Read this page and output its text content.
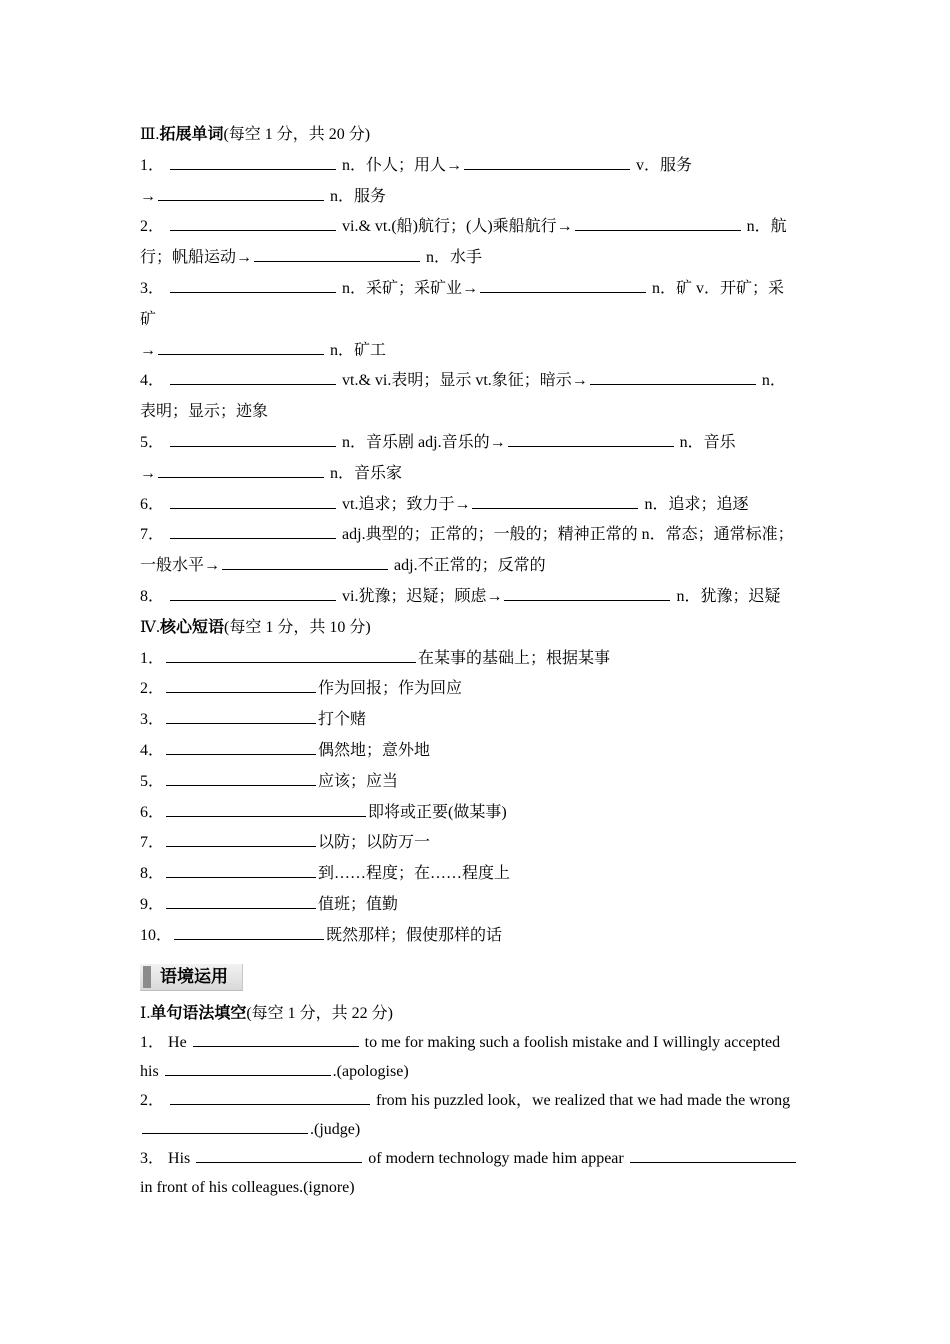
Ⅲ.拓展单词(每空 1 分，共 20 分)
1．	n．仆人；用人→	v．服务
→	n．服务
2．	vi.& vt.(船)航行；(人)乘船航行→	n．航
行；帆船运动→	n．水手
3．	n．采矿；采矿业→	n．矿 v．开矿；采
矿
→	n．矿工
4．	vt.& vi.表明；显示 vt.象征；暗示→	n．
表明；显示；迹象
5．	n．音乐剧 adj.音乐的→	n．音乐
→	n．音乐家
6．	vt.追求；致力于→	n．追求；追逐
7．	adj.典型的；正常的；一般的；精神正常的 n．常态；通常标准；
一般水平→	adj.不正常的；反常的
8．	vi.犹豫；迟疑；顾虑→	n．犹豫；迟疑
Ⅳ.核心短语(每空 1 分，共 10 分)
1．	在某事的基础上；根据某事
2．	作为回报；作为回应
3．	打个赌
4．	偶然地；意外地
5．	应该；应当
6．	即将或正要(做某事)
7．	以防；以防万一
8．	到……程度；在……程度上
9．	值班；值勤
10．	既然那样；假使那样的话
语境运用
Ⅰ.单句语法填空(每空 1 分，共 22 分)
1． He	to me for making such a foolish mistake and I willingly accepted
his	.(apologise)
2．	from his puzzled look，we realized that we had made the wrong
.(judge)
3． His	of modern technology made him appear
in front of his colleagues.(ignore)
